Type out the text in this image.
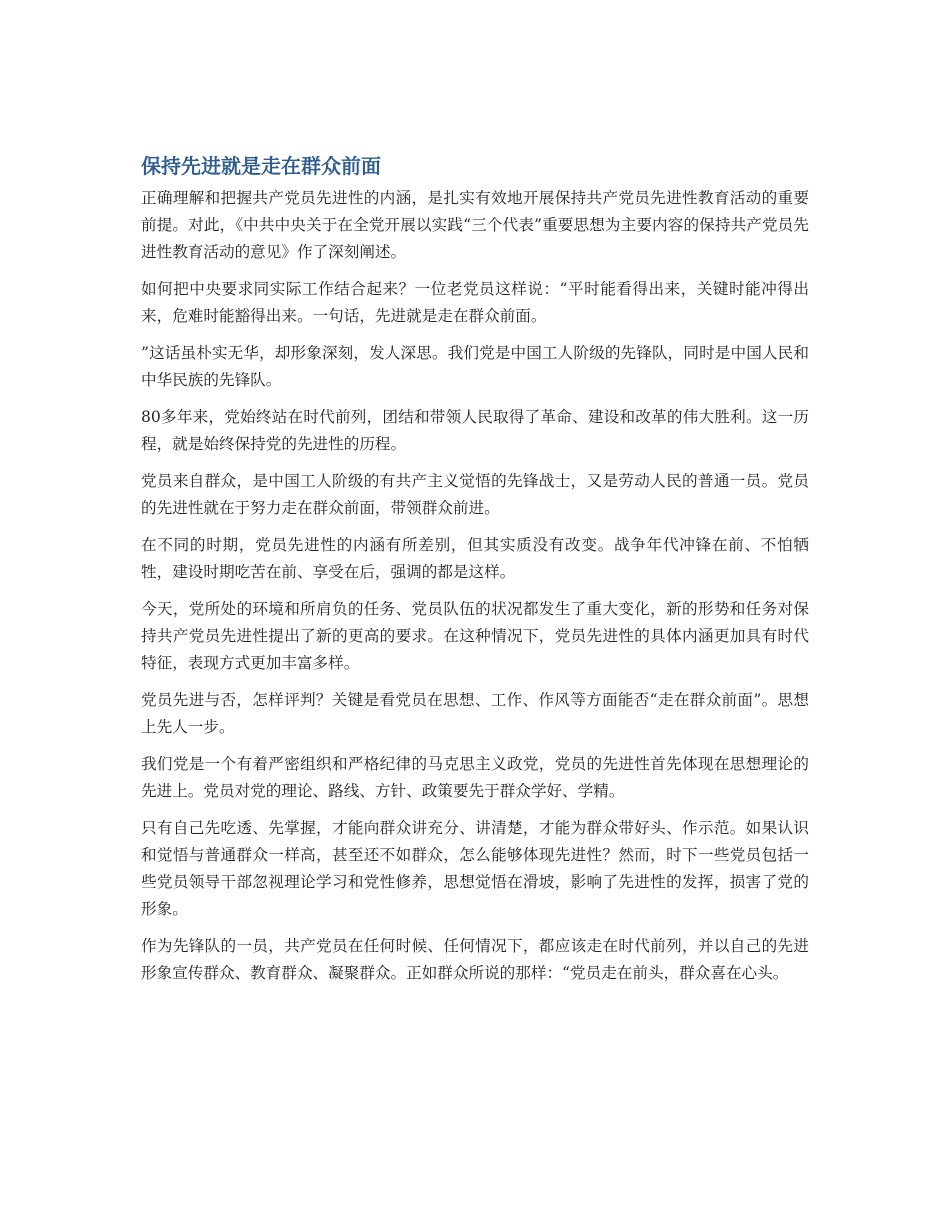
保持先进就是走在群众前面

正确理解和把握共产党员先进性的内涵，是扎实有效地开展保持共产党员先进性教育活动的重要前提。对此，《中共中央关于在全党开展以实践“三个代表”重要思想为主要内容的保持共产党员先进性教育活动的意见》作了深刻阐述。

如何把中央要求同实际工作结合起来？一位老党员这样说：“平时能看得出来，关键时能冲得出来，危难时能豁得出来。一句话，先进就是走在群众前面。

”这话虽朴实无华，却形象深刻，发人深思。我们党是中国工人阶级的先锋队，同时是中国人民和中华民族的先锋队。

80多年来，党始终站在时代前列，团结和带领人民取得了革命、建设和改革的伟大胜利。这一历程，就是始终保持党的先进性的历程。

党员来自群众，是中国工人阶级的有共产主义觉悟的先锋战士，又是劳动人民的普通一员。党员的先进性就在于努力走在群众前面，带领群众前进。

在不同的时期，党员先进性的内涵有所差别，但其实质没有改变。战争年代冲锋在前、不怕牺牲，建设时期吃苦在前、享受在后，强调的都是这样。

今天，党所处的环境和所肩负的任务、党员队伍的状况都发生了重大变化，新的形势和任务对保持共产党员先进性提出了新的更高的要求。在这种情况下，党员先进性的具体内涵更加具有时代特征，表现方式更加丰富多样。

党员先进与否，怎样评判？关键是看党员在思想、工作、作风等方面能否“走在群众前面”。思想上先人一步。

我们党是一个有着严密组织和严格纪律的马克思主义政党，党员的先进性首先体现在思想理论的先进上。党员对党的理论、路线、方针、政策要先于群众学好、学精。

只有自己先吃透、先掌握，才能向群众讲充分、讲清楚，才能为群众带好头、作示范。如果认识和觉悟与普通群众一样高，甚至还不如群众，怎么能够体现先进性？然而，时下一些党员包括一些党员领导干部忽视理论学习和党性修养，思想觉悟在滑坡，影响了先进性的发挥，损害了党的形象。

作为先锋队的一员，共产党员在任何时候、任何情况下，都应该走在时代前列，并以自己的先进形象宣传群众、教育群众、凝聚群众。正如群众所说的那样：“党员走在前头，群众喜在心头。
